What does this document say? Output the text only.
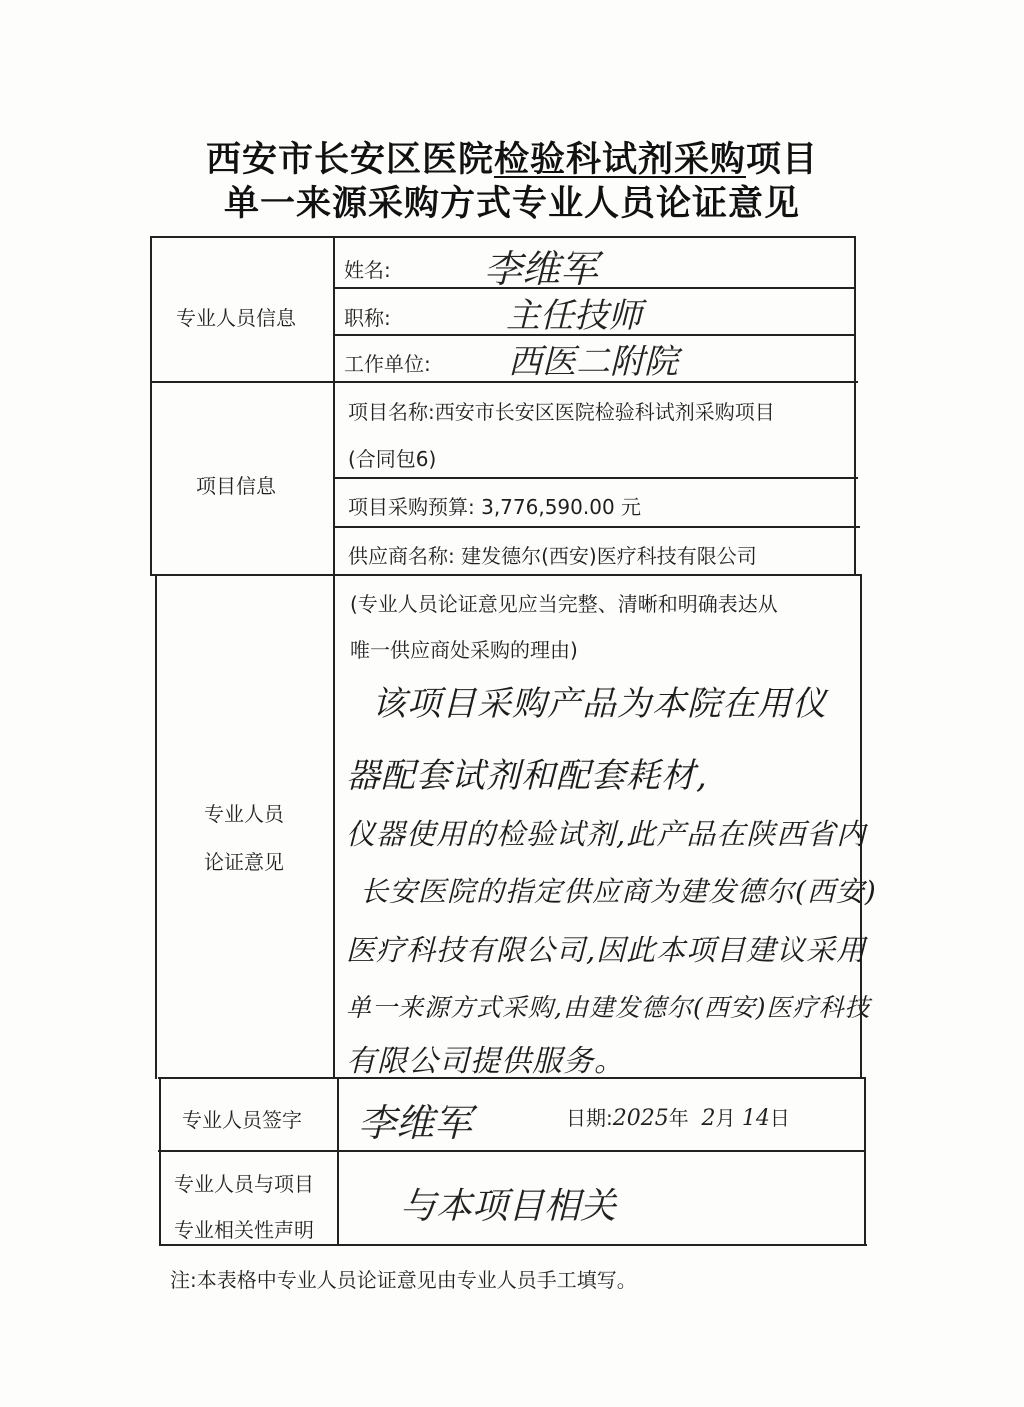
西安市长安区医院检验科试剂采购项目
单一来源采购方式专业人员论证意见
专业人员信息
姓名: 李维军
职称:	主任技师
工作单位: 西医二附院
项目信息
项目名称:西安市长安区医院检验科试剂采购项目
(合同包6)
项目采购预算: 3,776,590.00 元
供应商名称: 建发德尔(西安)医疗科技有限公司
专业人员
论证意见
(专业人员论证意见应当完整、清晰和明确表达从
唯一供应商处采购的理由)
该项目采购产品为本院在用仪
器配套试剂和配套耗材,
仪器使用的检验试剂,此产品在陕西省内
长安医院的指定供应商为建发德尔(西安)
医疗科技有限公司,因此本项目建议采用
单一来源方式采购,由建发德尔(西安)医疗科技
有限公司提供服务。
专业人员签字 李维军	日期:2025年 2月 14日
专业人员与项目
专业相关性声明
与本项目相关
注:本表格中专业人员论证意见由专业人员手工填写。
